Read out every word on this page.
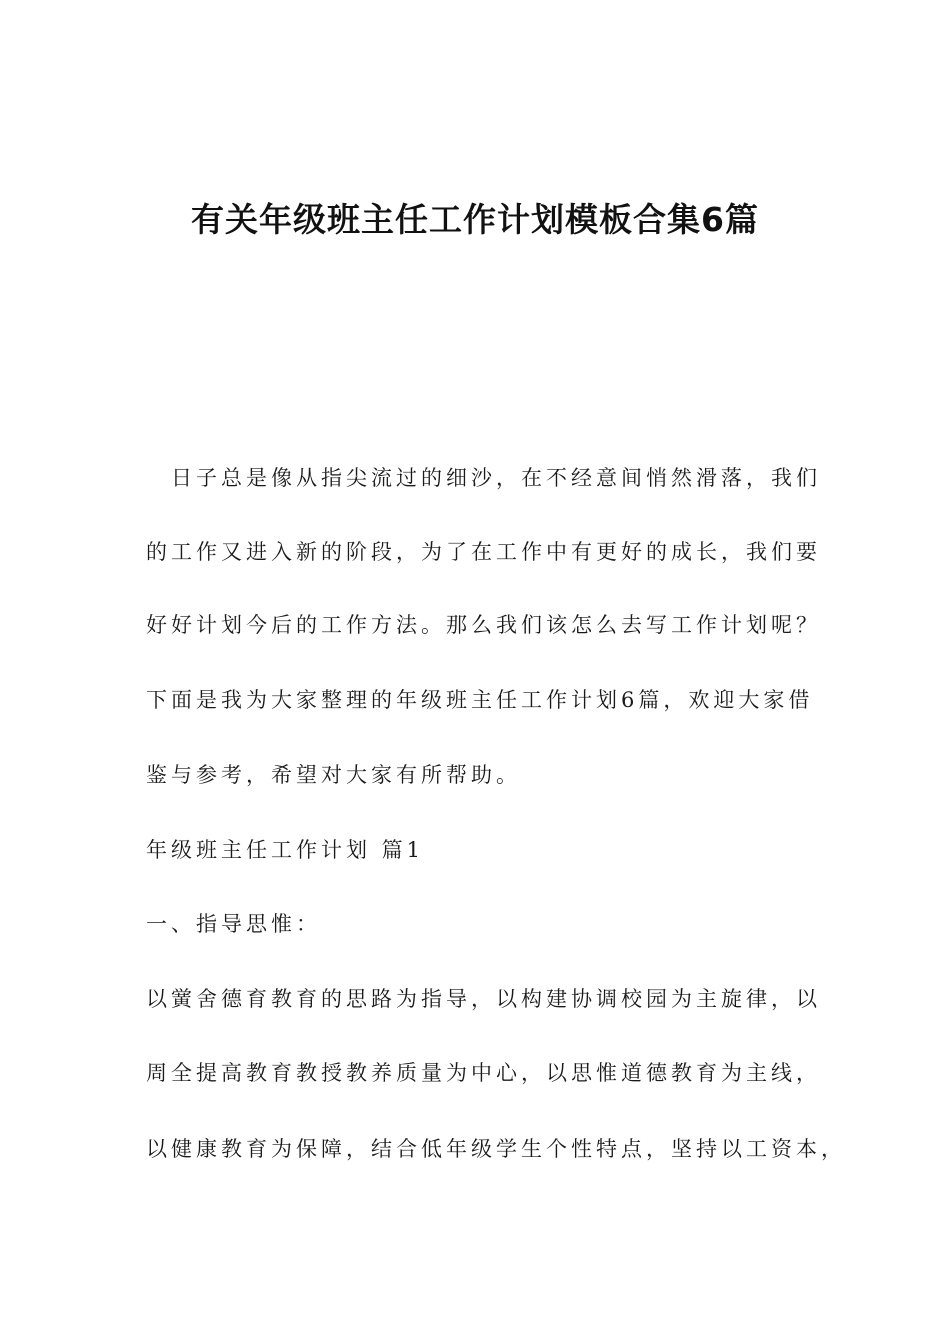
有关年级班主任工作计划模板合集6篇
　日子总是像从指尖流过的细沙，在不经意间悄然滑落，我们
的工作又进入新的阶段，为了在工作中有更好的成长，我们要
好好计划今后的工作方法。那么我们该怎么去写工作计划呢？
下面是我为大家整理的年级班主任工作计划6篇，欢迎大家借
鉴与参考，希望对大家有所帮助。
年级班主任工作计划 篇1
一、指导思惟：
以黉舍德育教育的思路为指导，以构建协调校园为主旋律，以
周全提高教育教授教养质量为中心，以思惟道德教育为主线，
以健康教育为保障，结合低年级学生个性特点，坚持以工资本，
